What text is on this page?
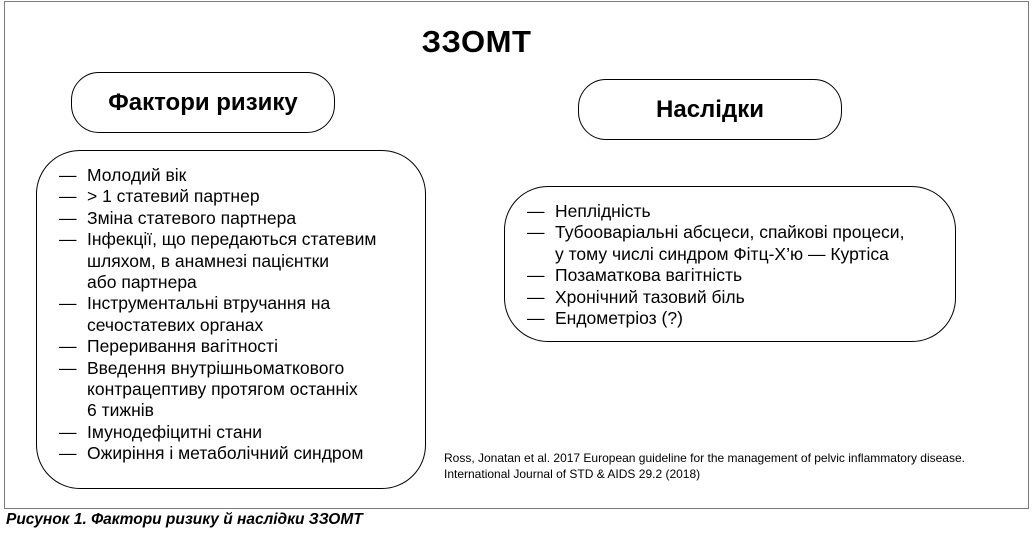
ЗЗОМТ
Фактори ризику	Наслідки
— Молодий вік
— > 1 статевий партнер
— Зміна статевого партнера
— Інфекції, що передаються статевим
шляхом, в анамнезі пацієнтки
або партнера
— Інструментальні втручання на
сечостатевих органах
— Переривання вагітності
— Введення внутрішньоматкового
контрацептиву протягом останніх
6 тижнів
— Імунодефіцитні стани
— Ожиріння і метаболічний синдром
— Неплідність
— Тубооваріальні абсцеси, спайкові процеси,
у тому числі синдром Фітц-Х’ю — Куртіса
— Позаматкова вагітність
— Хронічний тазовий біль
— Ендометріоз (?)
Ross, Jonatan et al. 2017 European guideline for the management of pelvic inflammatory disease.
International Journal of STD & AIDS 29.2 (2018)
Рисунок 1. Фактори ризику й наслідки ЗЗОМТ
